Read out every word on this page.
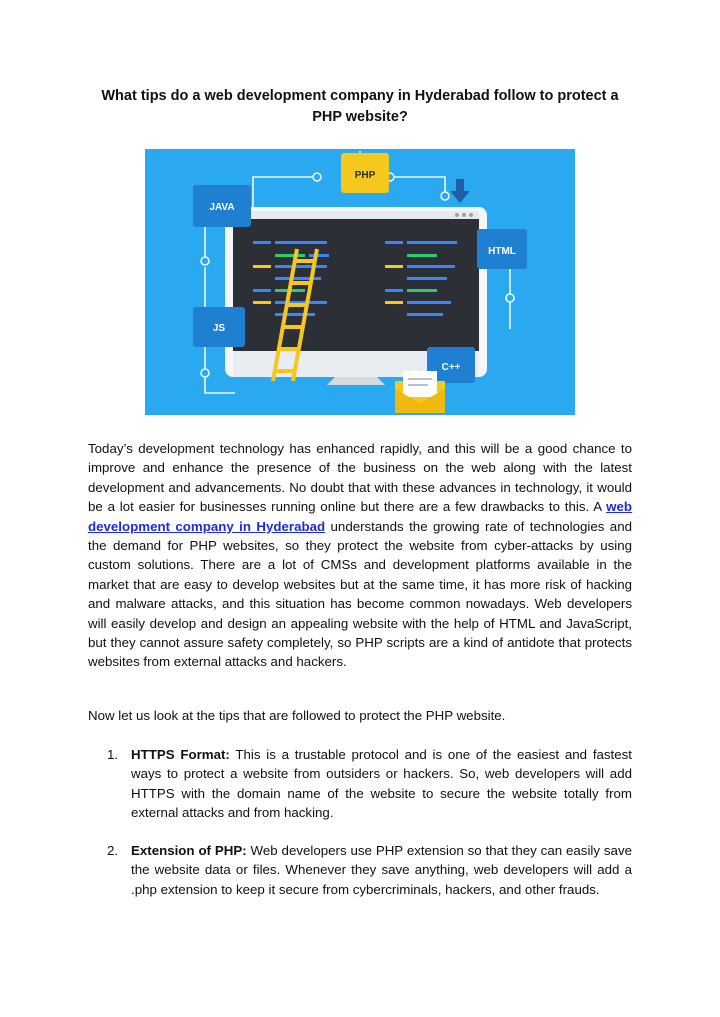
What tips do a web development company in Hyderabad follow to protect a PHP website?
PHP
JAVA
HTML
JS
C++

Today’s development technology has enhanced rapidly, and this will be a good chance to improve and enhance the presence of the business on the web along with the latest development and advancements. No doubt that with these advances in technology, it would be a lot easier for businesses running online but there are a few drawbacks to this. A web development company in Hyderabad understands the growing rate of technologies and the demand for PHP websites, so they protect the website from cyber-attacks by using custom solutions. There are a lot of CMSs and development platforms available in the market that are easy to develop websites but at the same time, it has more risk of hacking and malware attacks, and this situation has become common nowadays. Web developers will easily develop and design an appealing website with the help of HTML and JavaScript, but they cannot assure safety completely, so PHP scripts are a kind of antidote that protects websites from external attacks and hackers.

Now let us look at the tips that are followed to protect the PHP website.

1. HTTPS Format: This is a trustable protocol and is one of the easiest and fastest ways to protect a website from outsiders or hackers. So, web developers will add HTTPS with the domain name of the website to secure the website totally from external attacks and from hacking.
2. Extension of PHP: Web developers use PHP extension so that they can easily save the website data or files. Whenever they save anything, web developers will add a .php extension to keep it secure from cybercriminals, hackers, and other frauds.
